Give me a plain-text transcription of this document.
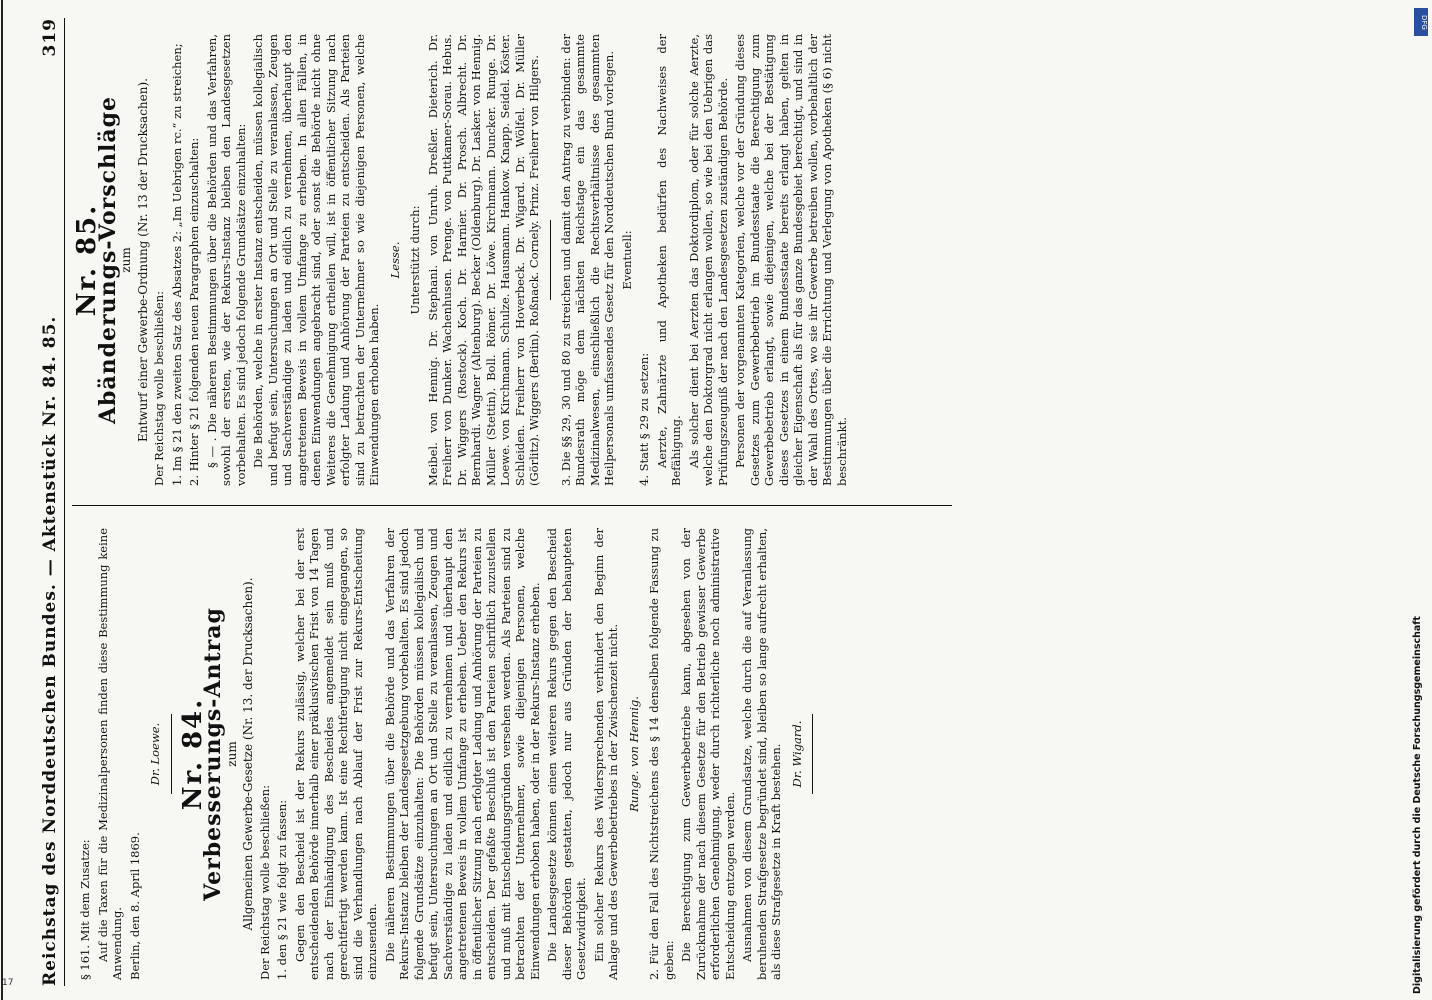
Reichstag des Norddeutschen Bundes. — Aktenstück Nr. 84. 85.
319

§ 161. Mit dem Zusatze: Auf die Taxen für die Medizinalpersonen finden diese Bestimmung keine Anwendung. Berlin, den 8. April 1869.

Dr. Loewe. Nr. 84.
Verbesserungs-Antrag
zum Allgemeinen Gewerbe-Gesetze (Nr. 13. der Drucksachen). Der Reichstag wolle beschließen: 1. den § 21 wie folgt zu fassen: Gegen den Bescheid ist der Rekurs zulässig, welcher bei der erst entscheidenden Behörde innerhalb einer präklusivischen Frist von 14 Tagen nach der Einhändigung des Bescheides angemeldet sein muß und gerechtfertigt werden kann. Ist eine Rechtfertigung nicht eingegangen, so sind die Verhandlungen nach Ablauf der Frist zur Rekurs-Entscheitung einzusenden. Die näheren Bestimmungen über die Behörde und das Verfahren der Rekurs-Instanz bleiben der Landesgesetzgebung vorbehalten. Es sind jedoch folgende Grundsätze einzuhalten: Die Behörden müssen kollegialisch und befugt sein, Untersuchungen an Ort und Stelle zu veranlassen, Zeugen und Sachverständige zu laden und eidlich zu vernehmen und überhaupt den angetretenen Beweis in vollem Umfange zu erheben. Ueber den Rekurs ist in öffentlicher Sitzung nach erfolgter Ladung und Anhörung der Parteien zu entscheiden. Der gefaßte Beschluß ist den Parteien schriftlich zuzustellen und muß mit Entscheidungsgründen versehen werden. Als Parteien sind zu betrachten der Unternehmer, sowie diejenigen Personen, welche Einwendungen erhoben haben, oder in der Rekurs-Instanz erheben. Die Landesgesetze können einen weiteren Rekurs gegen den Bescheid dieser Behörden gestatten, jedoch nur aus Gründen der behaupteten Gesetzwidrigkeit. Ein solcher Rekurs des Widersprechenden verhindert den Beginn der Anlage und des Gewerbebetriebes in der Zwischenzeit nicht. Runge. von Hennig. 2. Für den Fall des Nichtstreichens des § 14 denselben folgende Fassung zu geben: Die Berechtigung zum Gewerbebetriebe kann, abgesehen von der Zurücknahme der nach diesem Gesetze für den Betrieb gewisser Gewerbe erforderlichen Genehmigung, weder durch richterliche noch administrative Entscheidung entzogen werden. Ausnahmen von diesem Grundsatze, welche durch die auf Veranlassung beruhenden Strafgesetze begründet sind, bleiben so lange aufrecht erhalten, als diese Strafgesetze in Kraft bestehen. Dr. Wigard.

Nr. 85.
Abänderungs-Vorschläge
zum Entwurf einer Gewerbe-Ordnung (Nr. 13 der Drucksachen). Der Reichstag wolle beschließen: 1. Im § 21 den zweiten Satz des Absatzes 2: „Im Uebrigen rc.“ zu streichen; 2. Hinter § 21 folgenden neuen Paragraphen einzuschalten: § — . Die näheren Bestimmungen über die Behörden und das Verfahren, sowohl der ersten, wie der Rekurs-Instanz bleiben den Landesgesetzen vorbehalten. Es sind jedoch folgende Grundsätze einzuhalten: Die Behörden, welche in erster Instanz entscheiden, müssen kollegialisch und befugt sein, Untersuchungen an Ort und Stelle zu veranlassen, Zeugen und Sachverständige zu laden und eidlich zu vernehmen, überhaupt den angetretenen Beweis in vollem Umfange zu erheben. In allen Fällen, in denen Einwendungen angebracht sind, oder sonst die Behörde nicht ohne Weiteres die Genehmigung ertheilen will, ist in öffentlicher Sitzung nach erfolgter Ladung und Anhörung der Parteien zu entscheiden. Als Parteien sind zu betrachten der Unternehmer so wie diejenigen Personen, welche Einwendungen erhoben haben.

Lesse. Unterstützt durch: Meibel. von Hennig. Dr. Stephani. von Unruh. Dreßler. Dieterich. Dr. Freiherr von Dunker. Wachenhusen. Prenge. von Puttkamer-Sorau. Hebus. Dr. Wiggers (Rostock). Koch. Dr. Harnier. Dr. Prosch. Albrecht. Dr. Bernhardi. Wagner (Altenburg). Becker (Oldenburg). Dr. Lasker. von Hennig. Müller (Stettin). Boll. Römer. Dr. Löwe. Kirchmann. Duncker. Runge. Dr. Loewe. von Kirchmann. Schulze. Hausmann. Hankow. Knapp. Seidel. Köster. Schleiden. Freiherr von Hoverbeck. Dr. Wigard. Dr. Wölfel. Dr. Müller (Görlitz). Wiggers (Berlin). Roßnack. Cornely. Prinz. Freiherr von Hilgers. 3. Die §§ 29, 30 und 80 zu streichen und damit den Antrag zu verbinden: der Bundesrath möge dem nächsten Reichstage ein das gesammte Medizinalwesen, einschließlich die Rechtsverhältnisse des gesammten Heilpersonals umfassendes Gesetz für den Norddeutschen Bund vorlegen. Eventuell:

4. Statt § 29 zu setzen: Aerzte, Zahnärzte und Apotheken bedürfen des Nachweises der Befähigung. Als solcher dient bei Aerzten das Doktordiplom, oder für solche Aerzte, welche den Doktorgrad nicht erlangen wollen, so wie bei den Uebrigen das Prüfungszeugniß der nach den Landesgesetzen zuständigen Behörde. Personen der vorgenannten Kategorien, welche vor der Gründung dieses Gesetzes zum Gewerbebetrieb im Bundesstaate die Berechtigung zum Gewerbebetrieb erlangt, sowie diejenigen, welche bei der Bestätigung dieses Gesetzes in einem Bundesstaate bereits erlangt haben, gelten in gleicher Eigenschaft als für das ganze Bundesgebiet berechtigt, und sind in der Wahl des Ortes, wo sie ihr Gewerbe betreiben wollen, vorbehaltlich der Bestimmungen über die Errichtung und Verlegung von Apotheken (§ 6) nicht beschränkt.

Digitalisierung gefördert durch die Deutsche Forschungsgemeinschaft
DFG
17
